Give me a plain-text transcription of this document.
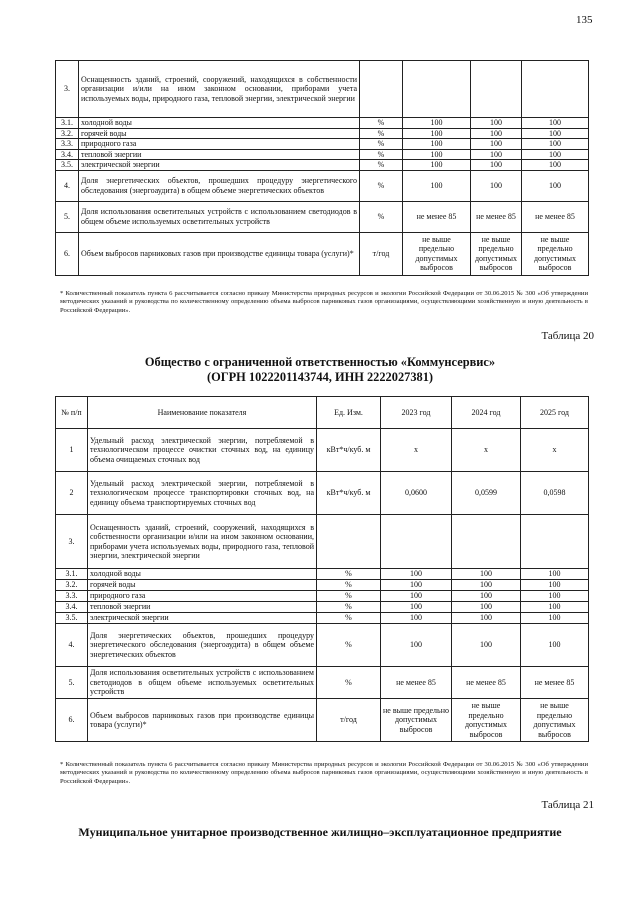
135
3.	Оснащенность зданий, строений, сооружений, находящихся в собственности организации и/или на ином законном основании, приборами учета используемых воды, природного газа, тепловой энергии, электрической энергии				
3.1.	холодной воды	%	100	100	100
3.2.	горячей воды	%	100	100	100
3.3.	природного газа	%	100	100	100
3.4.	тепловой энергии	%	100	100	100
3.5.	электрической энергии	%	100	100	100
4.	Доля энергетических объектов, прошедших процедуру энергетического обследования (энергоаудита) в общем объеме энергетических объектов	%	100	100	100
5.	Доля использования осветительных устройств с использованием светодиодов в общем объеме используемых осветительных устройств	%	не менее 85	не менее 85	не менее 85
6.	Объем выбросов парниковых газов при производстве единицы товара (услуги)*	т/год	не выше предельно допустимых выбросов	не выше предельно допустимых выбросов	не выше предельно допустимых выбросов
* Количественный показатель пункта 6 рассчитывается согласно приказу Министерства природных ресурсов и экологии Российской Федерации от 30.06.2015 № 300 «Об утверждении методических указаний и руководства по количественному определению объема выбросов парниковых газов организациями, осуществляющими хозяйственную и иную деятельность в Российской Федерации».
Таблица 20
Общество с ограниченной ответственностью «Коммунсервис»
(ОГРН 1022201143744, ИНН 2222027381)
№ п/п	Наименование показателя	Ед. Изм.	2023 год	2024 год	2025 год
1	Удельный расход электрической энергии, потребляемой в технологическом процессе очистки сточных вод, на единицу объема очищаемых сточных вод	кВт*ч/куб. м	х	х	х
2	Удельный расход электрической энергии, потребляемой в технологическом процессе транспортировки сточных вод, на единицу объема транспортируемых сточных вод	кВт*ч/куб. м	0,0600	0,0599	0,0598
3.	Оснащенность зданий, строений, сооружений, находящихся в собственности организации и/или на ином законном основании, приборами учета используемых воды, природного газа, тепловой энергии, электрической энергии				
3.1.	холодной воды	%	100	100	100
3.2.	горячей воды	%	100	100	100
3.3.	природного газа	%	100	100	100
3.4.	тепловой энергии	%	100	100	100
3.5.	электрической энергии	%	100	100	100
4.	Доля энергетических объектов, прошедших процедуру энергетического обследования (энергоаудита) в общем объеме энергетических объектов	%	100	100	100
5.	Доля использования осветительных устройств с использованием светодиодов в общем объеме используемых осветительных устройств	%	не менее 85	не менее 85	не менее 85
6.	Объем выбросов парниковых газов при производстве единицы товара (услуги)*	т/год	не выше предельно допустимых выбросов	не выше предельно допустимых выбросов	не выше предельно допустимых выбросов
* Количественный показатель пункта 6 рассчитывается согласно приказу Министерства природных ресурсов и экологии Российской Федерации от 30.06.2015 № 300 «Об утверждении методических указаний и руководства по количественному определению объема выбросов парниковых газов организациями, осуществляющими хозяйственную и иную деятельность в Российской Федерации».
Таблица 21
Муниципальное унитарное производственное жилищно–эксплуатационное предприятие
